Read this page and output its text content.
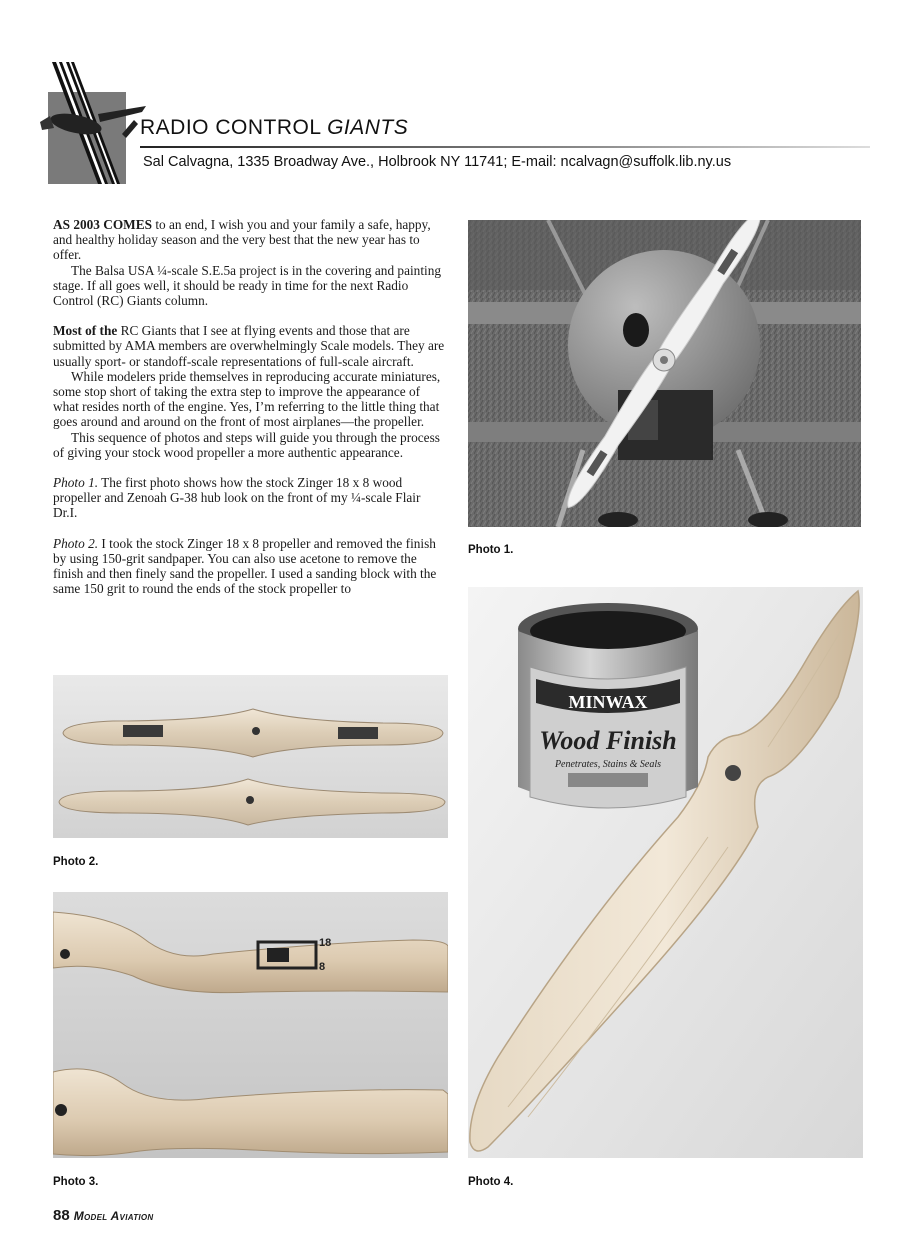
RADIO CONTROL GIANTS
Sal Calvagna, 1335 Broadway Ave., Holbrook NY 11741; E-mail: ncalvagn@suffolk.lib.ny.us

AS 2003 COMES to an end, I wish you and your family a safe, happy, and healthy holiday season and the very best that the new year has to offer.

The Balsa USA ¼-scale S.E.5a project is in the covering and painting stage. If all goes well, it should be ready in time for the next Radio Control (RC) Giants column.

Most of the RC Giants that I see at flying events and those that are submitted by AMA members are overwhelmingly Scale models. They are usually sport- or standoff-scale representations of full-scale aircraft.

While modelers pride themselves in reproducing accurate miniatures, some stop short of taking the extra step to improve the appearance of what resides north of the engine. Yes, I’m referring to the little thing that goes around and around on the front of most airplanes—the propeller.

This sequence of photos and steps will guide you through the process of giving your stock wood propeller a more authentic appearance.

Photo 1. The first photo shows how the stock Zinger 18 x 8 wood propeller and Zenoah G-38 hub look on the front of my ¼-scale Flair Dr.I.

Photo 2. I took the stock Zinger 18 x 8 propeller and removed the finish by using 150-grit sandpaper. You can also use acetone to remove the finish and then finely sand the propeller. I used a sanding block with the same 150 grit to round the ends of the stock propeller to

Photo 1.
Photo 2.
18
8
Photo 3.
MINWAX
Wood Finish
Penetrates, Stains & Seals
Photo 4.
88 Model Aviation
